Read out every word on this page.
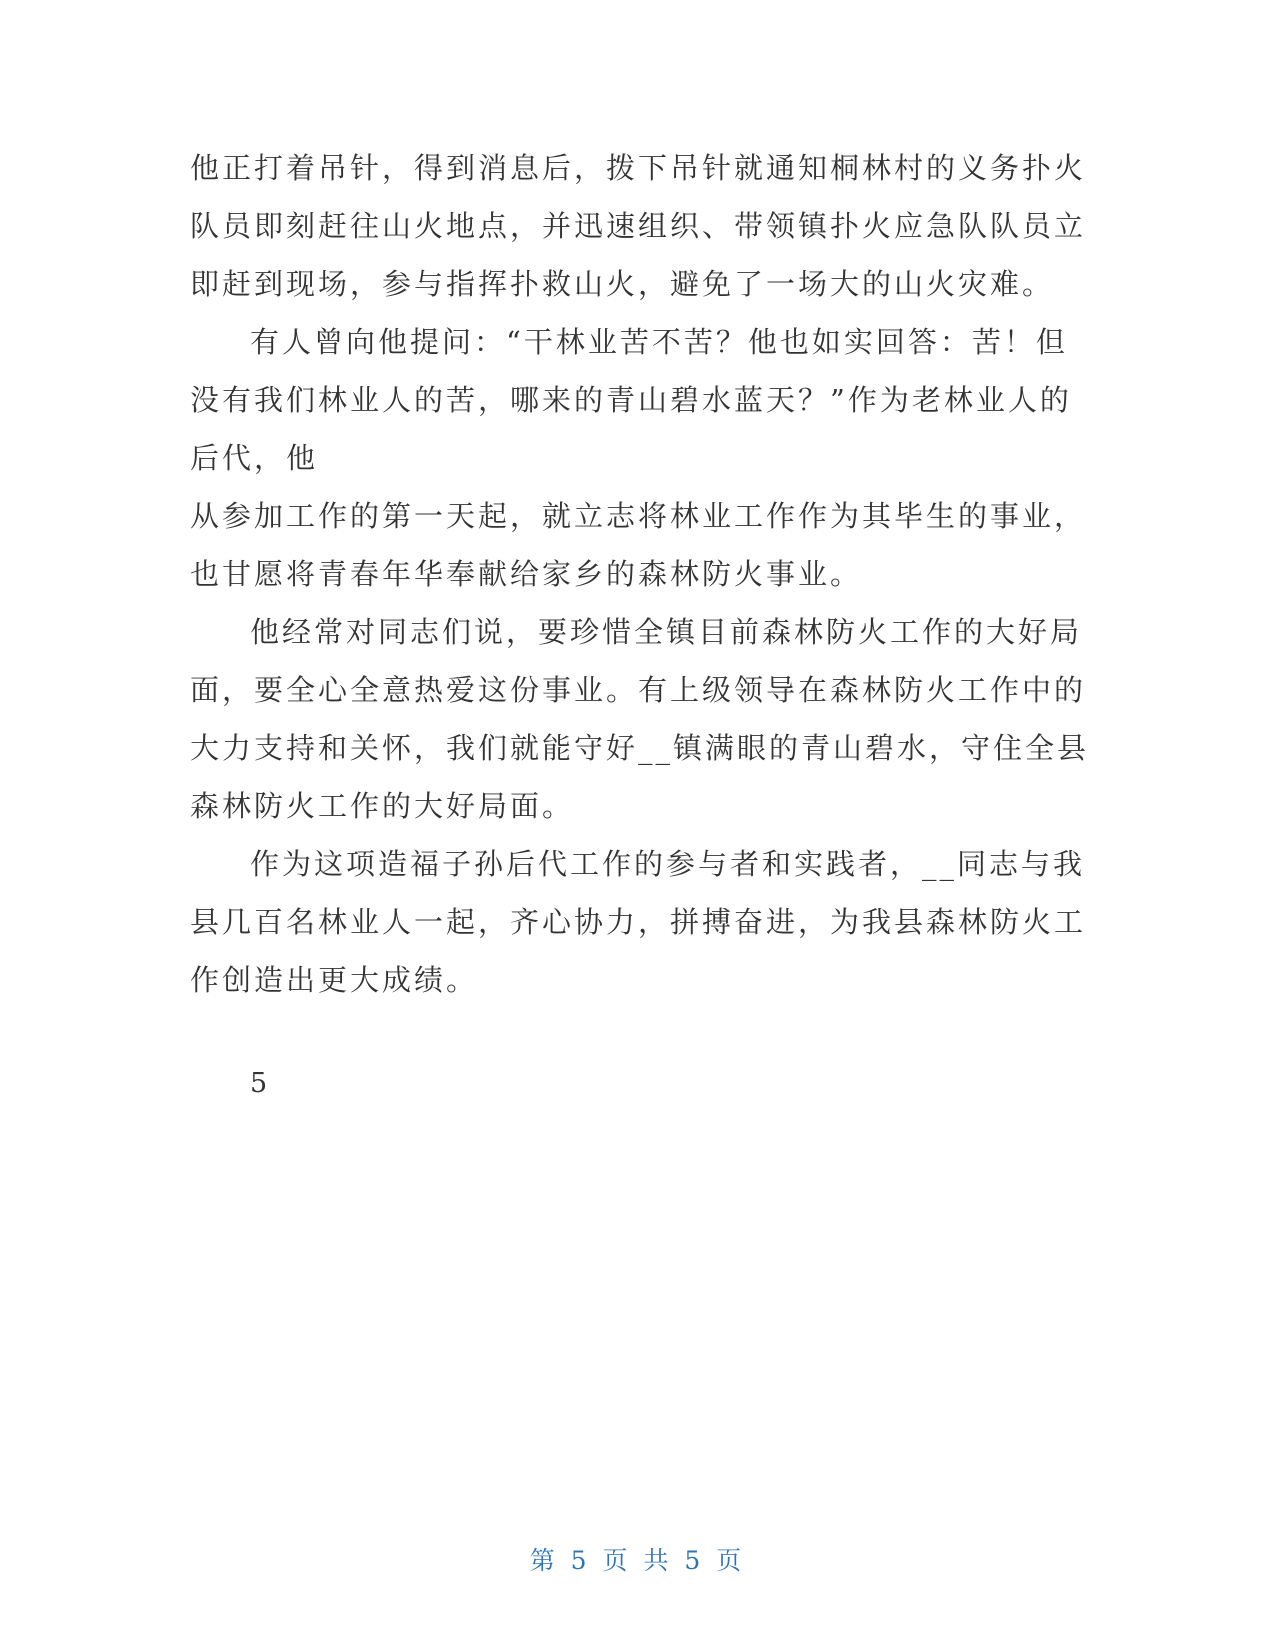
他正打着吊针，得到消息后，拨下吊针就通知桐林村的义务扑火
队员即刻赶往山火地点，并迅速组织、带领镇扑火应急队队员立
即赶到现场，参与指挥扑救山火，避免了一场大的山火灾难。
有人曾向他提问：“干林业苦不苦？他也如实回答：苦！但
没有我们林业人的苦，哪来的青山碧水蓝天？”作为老林业人的
后代，他
从参加工作的第一天起，就立志将林业工作作为其毕生的事业，
也甘愿将青春年华奉献给家乡的森林防火事业。
他经常对同志们说，要珍惜全镇目前森林防火工作的大好局
面，要全心全意热爱这份事业。有上级领导在森林防火工作中的
大力支持和关怀，我们就能守好__镇满眼的青山碧水，守住全县
森林防火工作的大好局面。
作为这项造福子孙后代工作的参与者和实践者，__同志与我
县几百名林业人一起，齐心协力，拼搏奋进，为我县森林防火工
作创造出更大成绩。
5
第 5 页 共 5 页
